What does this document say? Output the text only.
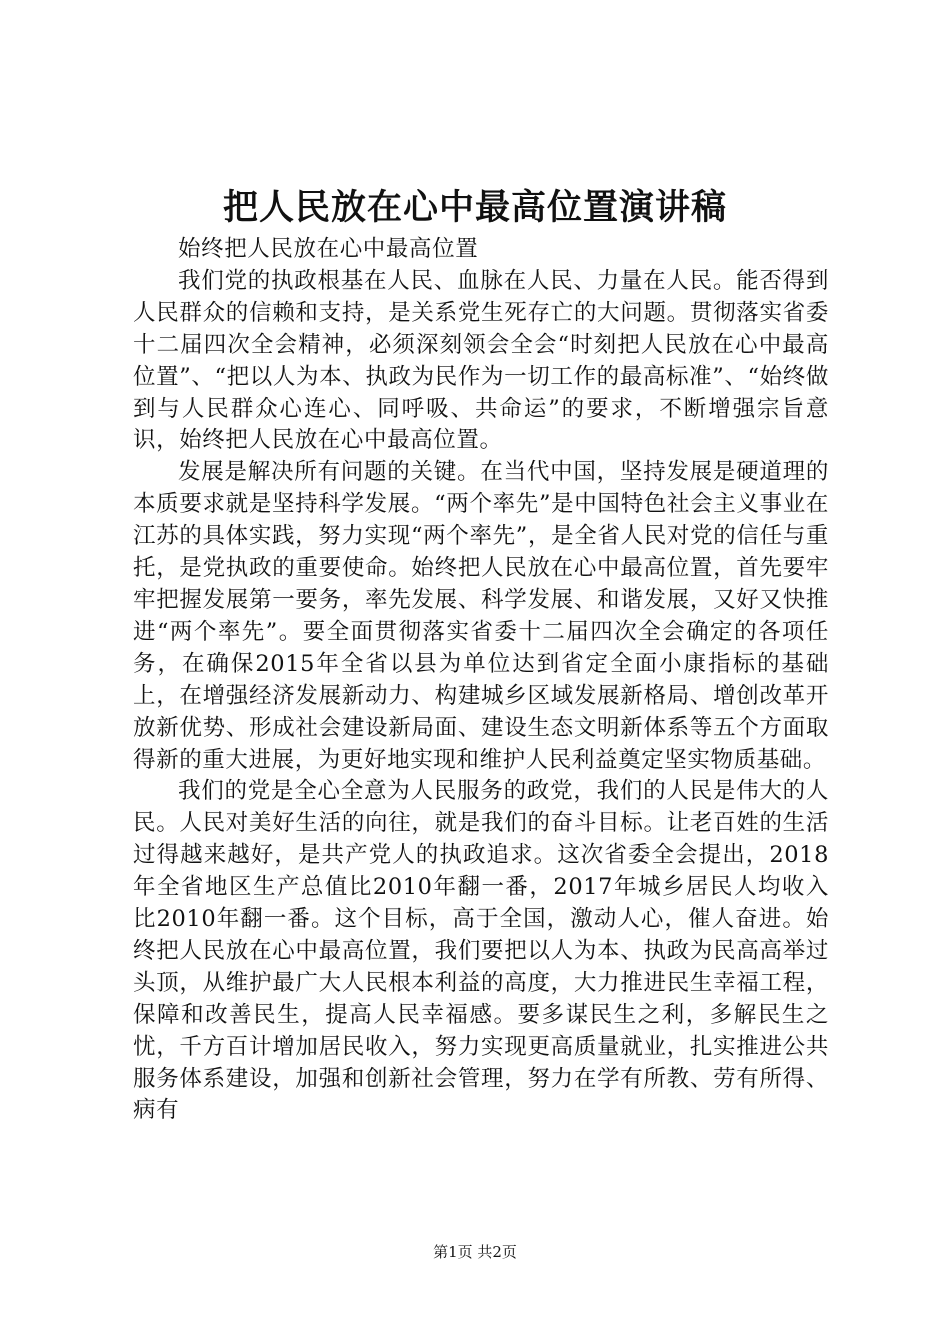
把人民放在心中最高位置演讲稿

始终把人民放在心中最高位置

我们党的执政根基在人民、血脉在人民、力量在人民。能否得到人民群众的信赖和支持，是关系党生死存亡的大问题。贯彻落实省委十二届四次全会精神，必须深刻领会全会“时刻把人民放在心中最高位置”、“把以人为本、执政为民作为一切工作的最高标准”、“始终做到与人民群众心连心、同呼吸、共命运”的要求，不断增强宗旨意识，始终把人民放在心中最高位置。

发展是解决所有问题的关键。在当代中国，坚持发展是硬道理的本质要求就是坚持科学发展。“两个率先”是中国特色社会主义事业在江苏的具体实践，努力实现“两个率先”，是全省人民对党的信任与重托，是党执政的重要使命。始终把人民放在心中最高位置，首先要牢牢把握发展第一要务，率先发展、科学发展、和谐发展，又好又快推进“两个率先”。要全面贯彻落实省委十二届四次全会确定的各项任务，在确保2015年全省以县为单位达到省定全面小康指标的基础上，在增强经济发展新动力、构建城乡区域发展新格局、增创改革开放新优势、形成社会建设新局面、建设生态文明新体系等五个方面取得新的重大进展，为更好地实现和维护人民利益奠定坚实物质基础。

我们的党是全心全意为人民服务的政党，我们的人民是伟大的人民。人民对美好生活的向往，就是我们的奋斗目标。让老百姓的生活过得越来越好，是共产党人的执政追求。这次省委全会提出，2018年全省地区生产总值比2010年翻一番，2017年城乡居民人均收入比2010年翻一番。这个目标，高于全国，激动人心，催人奋进。始终把人民放在心中最高位置，我们要把以人为本、执政为民高高举过头顶，从维护最广大人民根本利益的高度，大力推进民生幸福工程，保障和改善民生，提高人民幸福感。要多谋民生之利，多解民生之忧，千方百计增加居民收入，努力实现更高质量就业，扎实推进公共服务体系建设，加强和创新社会管理，努力在学有所教、劳有所得、病有

第1页 共2页
